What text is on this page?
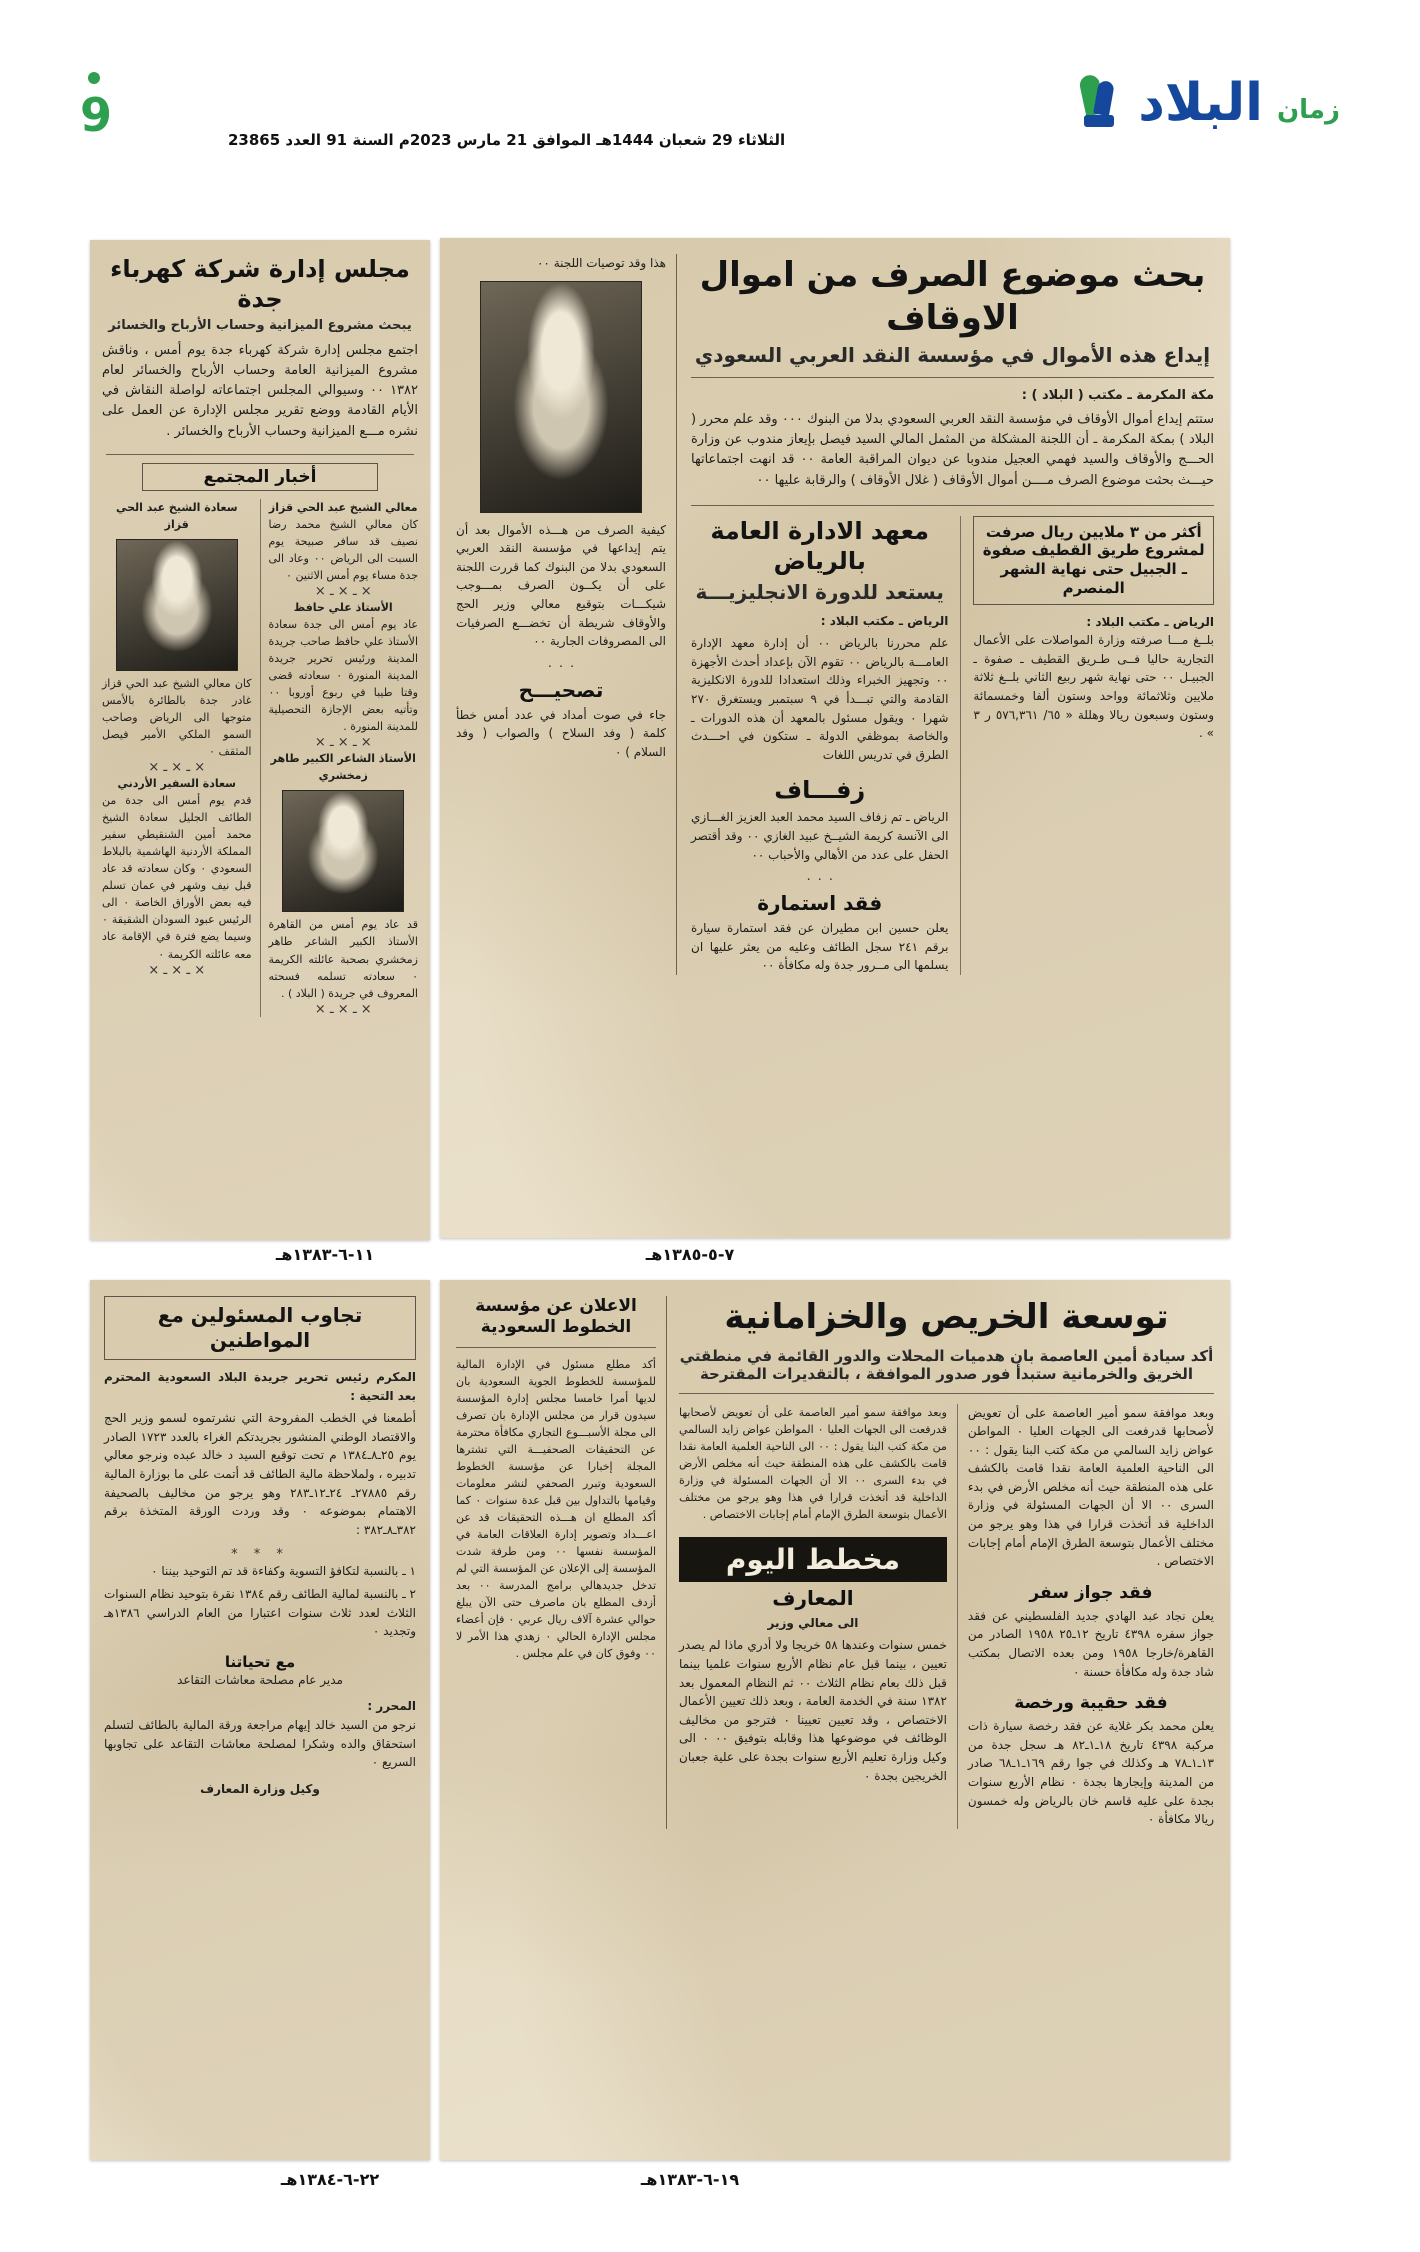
9	الثلاثاء 29 شعبان 1444هـ الموافق 21 مارس 2023م السنة 91 العدد 23865
زمان
البلاد
مجلس إدارة شركة كهرباء جدة
يبحث مشروع الميزانية وحساب الأرباح والخسائر
اجتمع مجلس إدارة شركة كهرباء جدة يوم أمس ، وناقش مشروع الميزانية العامة وحساب الأرباح والخسائر لعام ١٣٨٢ ٠٠ وسيوالي المجلس اجتماعاته لواصلة النقاش في الأيام القادمة ووضع تقرير مجلس الإدارة عن العمل على نشره مـــع الميزانية وحساب الأرباح والخسائر .
أخبار المجتمع
معالي الشيخ عبد الحي قزاز
كان معالي الشيخ محمد رضا نصيف قد سافر صبيحة يوم السبت الى الرياض ٠٠ وعاد الى جدة مساء يوم أمس الاثنين ٠
× ـ × ـ ×
الأستاذ علي حافظ
عاد يوم أمس الى جدة سعادة الأستاذ علي حافظ صاحب جريدة المدينة ورئيس تحرير جريدة المدينة المنورة ٠ سعادته قضى وقتا طيبا في ربوع أوروبا ٠٠ وتأتيه بعض الإجازة التحصيلية للمدينة المنورة .
× ـ × ـ ×
الأستاذ الشاعر الكبير طاهر زمخشري
قد عاد يوم أمس من القاهرة الأستاذ الكبير الشاعر طاهر زمخشري بصحبة عائلته الكريمة ٠ سعادته تسلمه فسحته المعروف في جريدة ( البلاد ) .
× ـ × ـ ×
سعادة الشيخ عبد الحي قزاز
كان معالي الشيخ عبد الحي قزاز غادر جدة بالطائرة بالأمس متوجها الى الرياض وصاحب السمو الملكي الأمير فيصل المثقف ٠
× ـ × ـ ×
سعادة السفير الأردني
قدم يوم أمس الى جدة من الطائف الجليل سعادة الشيخ محمد أمين الشنقيطي سفير المملكة الأردنية الهاشمية بالبلاط السعودي ٠ وكان سعادته قد عاد قبل نيف وشهر في عمان تسلم فيه بعض الأوراق الخاصة ٠ الى الرئيس عبود السودان الشقيقة ٠ وسيما يضع فترة في الإقامة عاد معه عائلته الكريمة ٠
× ـ × ـ ×
١١-٦-١٣٨٣هـ
هذا وقد توصيات اللجنة ٠٠
كيفية الصرف من هـــذه الأموال بعد أن يتم إيداعها في مؤسسة النقد العربي السعودي بدلا من البنوك كما قررت اللجنة على أن يكــون الصرف بمـــوجب شيكـــات بتوقيع معالي وزير الحج والأوقاف شريطة أن تخضـــع الصرفيات الى المصروفات الجارية ٠٠
٠ ٠ ٠
تصحيـــح
جاء في صوت أمداد في عدد أمس خطأ كلمة ( وفد السلاح ) والصواب ( وفد السلام ) ٠
بحث موضوع الصرف من اموال الاوقاف
إيداع هذه الأموال في مؤسسة النقد العربي السعودي
مكة المكرمة ـ مكتب ( البلاد ) :
ستتم إيداع أموال الأوقاف في مؤسسة النقد العربي السعودي بدلا من البنوك ٠٠٠ وقد علم محرر ( البلاد ) بمكة المكرمة ـ أن اللجنة المشكلة من المثمل المالي السيد فيصل بإيعاز مندوب عن وزارة الحـــج والأوقاف والسيد فهمي العجيل مندوبا عن ديوان المراقبة العامة ٠٠ قد انهت اجتماعاتها حيـــث بحثت موضوع الصرف مــــن أموال الأوقاف ( غلال الأوقاف ) والرقابة عليها ٠٠
أكثر من ٣ ملايين ريال صرفت لمشروع طريق القطيف صفوة ـ الجبيل حتى نهاية الشهر المنصرم
الرياض ـ مكتب البلاد :
بلــغ مـــا صرفته وزارة المواصلات على الأعمال التجارية حاليا فــى طـريق القطيف ـ صفوة ـ الجبيـل ٠٠ حتى نهاية شهر ربيع الثاني بلــغ ثلاثة ملايين وثلاثمائة وواحد وستون ألفا وخمسمائة وستون وسبعون ريالا وهللة « ٦٥/ ٥٧٦,٣٦١ ر ٣ » .
معهد الادارة العامة بالرياض
يستعد للدورة الانجليزيـــة
الرياض ـ مكتب البلاد :
علم محررنا بالرياض ٠٠ أن إدارة معهد الإدارة العامـــة بالرياض ٠٠ تقوم الآن بإعداد أحدث الأجهزة ٠٠ وتجهيز الخبراء وذلك استعدادا للدورة الانكليزية القادمة والتي تبـــدأ في ٩ سبتمبر ويستغرق ٢٧٠ شهرا ٠ ويقول مسئول بالمعهد أن هذه الدورات ـ والخاصة بموظفي الدولة ـ ستكون في احـــدث الطرق في تدريس اللغات
زفـــاف
الرياض ـ تم زفاف السيد محمد العبد العزيز الغـــازي الى الآنسة كريمة الشيــخ عبيد الغازي ٠٠ وقد أقتصر الحفل على عدد من الأهالي والأحباب ٠٠
٠ ٠ ٠
فقد استمارة
يعلن حسين ابن مطيران عن فقد استمارة سيارة برقم ٢٤١ سجل الطائف وعليه من يعثر عليها ان يسلمها الى مــرور جدة وله مكافأة ٠٠
٧-٥-١٣٨٥هـ
تجاوب المسئولين مع المواطنين
المكرم رئيس تحرير جريدة البلاد السعودية المحترم بعد التحية :
أطمعنا في الخطب المفروحة التي نشرتموه لسمو وزير الحج والاقتصاد الوطني المنشور بجريدتكم الغراء بالعدد ١٧٢٣ الصادر يوم ٢٥ـ٨ـ١٣٨٤ م تحت توقيع السيد د خالد عبده ونرجو معالي تدبيره ، ولملاحظة مالية الطائف قد أتمت على ما بوزارة المالية رقم ٢٧٨٨٥ـ ٢٤ـ١٢ـ٢٨٣ وهو يرجو من مخاليف بالصحيفة الاهتمام بموضوعه ٠ وقد وردت الورقة المتخذة برقم ٣٨٢ـ٨ـ٣٨٢ :
* * *
١ ـ بالنسبة لتكافؤ التسوية وكفاءة قد تم التوحيد بيننا ٠
٢ ـ بالنسبة لمالية الطائف رقم ١٣٨٤ نقرة بتوحيد نظام السنوات الثلاث لعدد ثلاث سنوات اعتبارا من العام الدراسي ١٣٨٦هـ وتجديد ٠
مع تحياتنا
مدير عام مصلحة معاشات التقاعد
المحرر :
نرجو من السيد خالد إيهام مراجعة ورقة المالية بالطائف لتسلم استحقاق والده وشكرا لمصلحة معاشات التقاعد على تجاوبها السريع ٠
وكيل وزارة المعارف
٢٢-٦-١٣٨٤هـ
الاعلان عن مؤسسة الخطوط السعودية
أكد مطلع مسئول في الإدارة المالية للمؤسسة للخطوط الجوية السعودية بان لديها أمرا خامسا مجلس إدارة المؤسسة سيدون قرار من مجلس الإدارة بان تصرف الى مجلة الأسبـــوع التجاري مكافأة محترمة عن التحقيقات الصحفيـــة التي تشترها المجلة إخبارا عن مؤسسة الخطوط السعودية وتبرر الصحفي لنشر معلومات وقيامها بالتداول بين قبل عدة سنوات ٠ كما أكد المطلع ان هـــذه التحقيقات قد عن اعـــداد وتصوير إدارة العلاقات العامة في المؤسسة نفسها ٠٠ ومن طرفة شدت المؤسسة إلى الإعلان عن المؤسسة التي لم تدخل جديدهالي برامج المدرسة ٠٠ بعد أزدف المطلع بان ماصرف حتى الآن يبلغ حوالي عشرة آلاف ريال عربي ٠ فإن أعضاء مجلس الإدارة الحالي ٠ زهدي هذا الأمر لا ٠٠ وفوق كان في علم مجلس .
توسعة الخريص والخزامانية
أكد سيادة أمين العاصمة بان هدميات المحلات والدور القائمة في منطقتي الخريق والخرمانية ستبدأ فور صدور الموافقة ، بالتقديرات المقترحة
وبعد موافقة سمو أمير العاصمة على أن تعويض لأصحابها قدرفعت الى الجهات العليا ٠ المواطن عواض زايد السالمي من مكة كتب البنا يقول : ٠٠ الى الناحية العلمية العامة نقدا قامت بالكشف على هذه المنطقة حيث أنه مخلص الأرض في بدء السرى ٠٠ الا أن الجهات المسئولة في وزارة الداخلية قد أتخذت قرارا في هذا وهو يرجو من مختلف الأعمال بتوسعة الطرق الإمام أمام إجابات الاختصاص .
فقد جواز سفر
يعلن نجاد عبد الهادي جديد الفلسطيني عن فقد جواز سفره ٤٣٩٨ تاريخ ١٢ـ٢٥ ١٩٥٨ الصادر من القاهرة/خارجا ١٩٥٨ ومن بعده الاتصال بمكتب شاد جدة وله مكافأة حسنة ٠
فقد حقيبة ورخصة
يعلن محمد بكر غلاية عن فقد رخصة سيارة ذات مركبة ٤٣٩٨ تاريخ ١٨ـ١ـ٨٢ هـ سجل جدة من ١٣ـ١ـ٧٨ هـ وكذلك في جوا رقم ١٦٩ـ١ـ٦٨ صادر من المدينة وإيجارها بجدة ٠ نظام الأربع سنوات بجدة على عليه قاسم خان بالرياض وله خمسون ريالا مكافأة ٠
وبعد موافقة سمو أمير العاصمة على أن تعويض لأصحابها قدرفعت الى الجهات العليا ٠ المواطن عواض زايد السالمي من مكة كتب البنا يقول : ٠٠ الى الناحية العلمية العامة نقدا قامت بالكشف على هذه المنطقة حيث أنه مخلص الأرض في بدء السرى ٠٠ الا أن الجهات المسئولة في وزارة الداخلية قد أتخذت قرارا في هذا وهو يرجو من مختلف الأعمال بتوسعة الطرق الإمام أمام إجابات الاختصاص .
مخطط اليوم
المعارف
الى معالي وزير
خمس سنوات وعندها ٥٨ خريجا ولا أدري ماذا لم يصدر تعيين ، بينما قبل عام نظام الأربع سنوات علميا بينما قبل ذلك بعام نظام الثلاث ٠٠ ثم النظام المعمول بعد ١٣٨٢ سنة في الخدمة العامة ، وبعد ذلك تعيين الأعمال الاختصاص ، وقد تعيين تعيينا ٠ فترجو من مخاليف الوظائف في موضوعها هذا وقابله بتوفيق ٠٠ ٠ الى وكيل وزارة تعليم الأربع سنوات بجدة على علية جعبان الخريجين بجدة ٠
١٩-٦-١٣٨٣هـ
